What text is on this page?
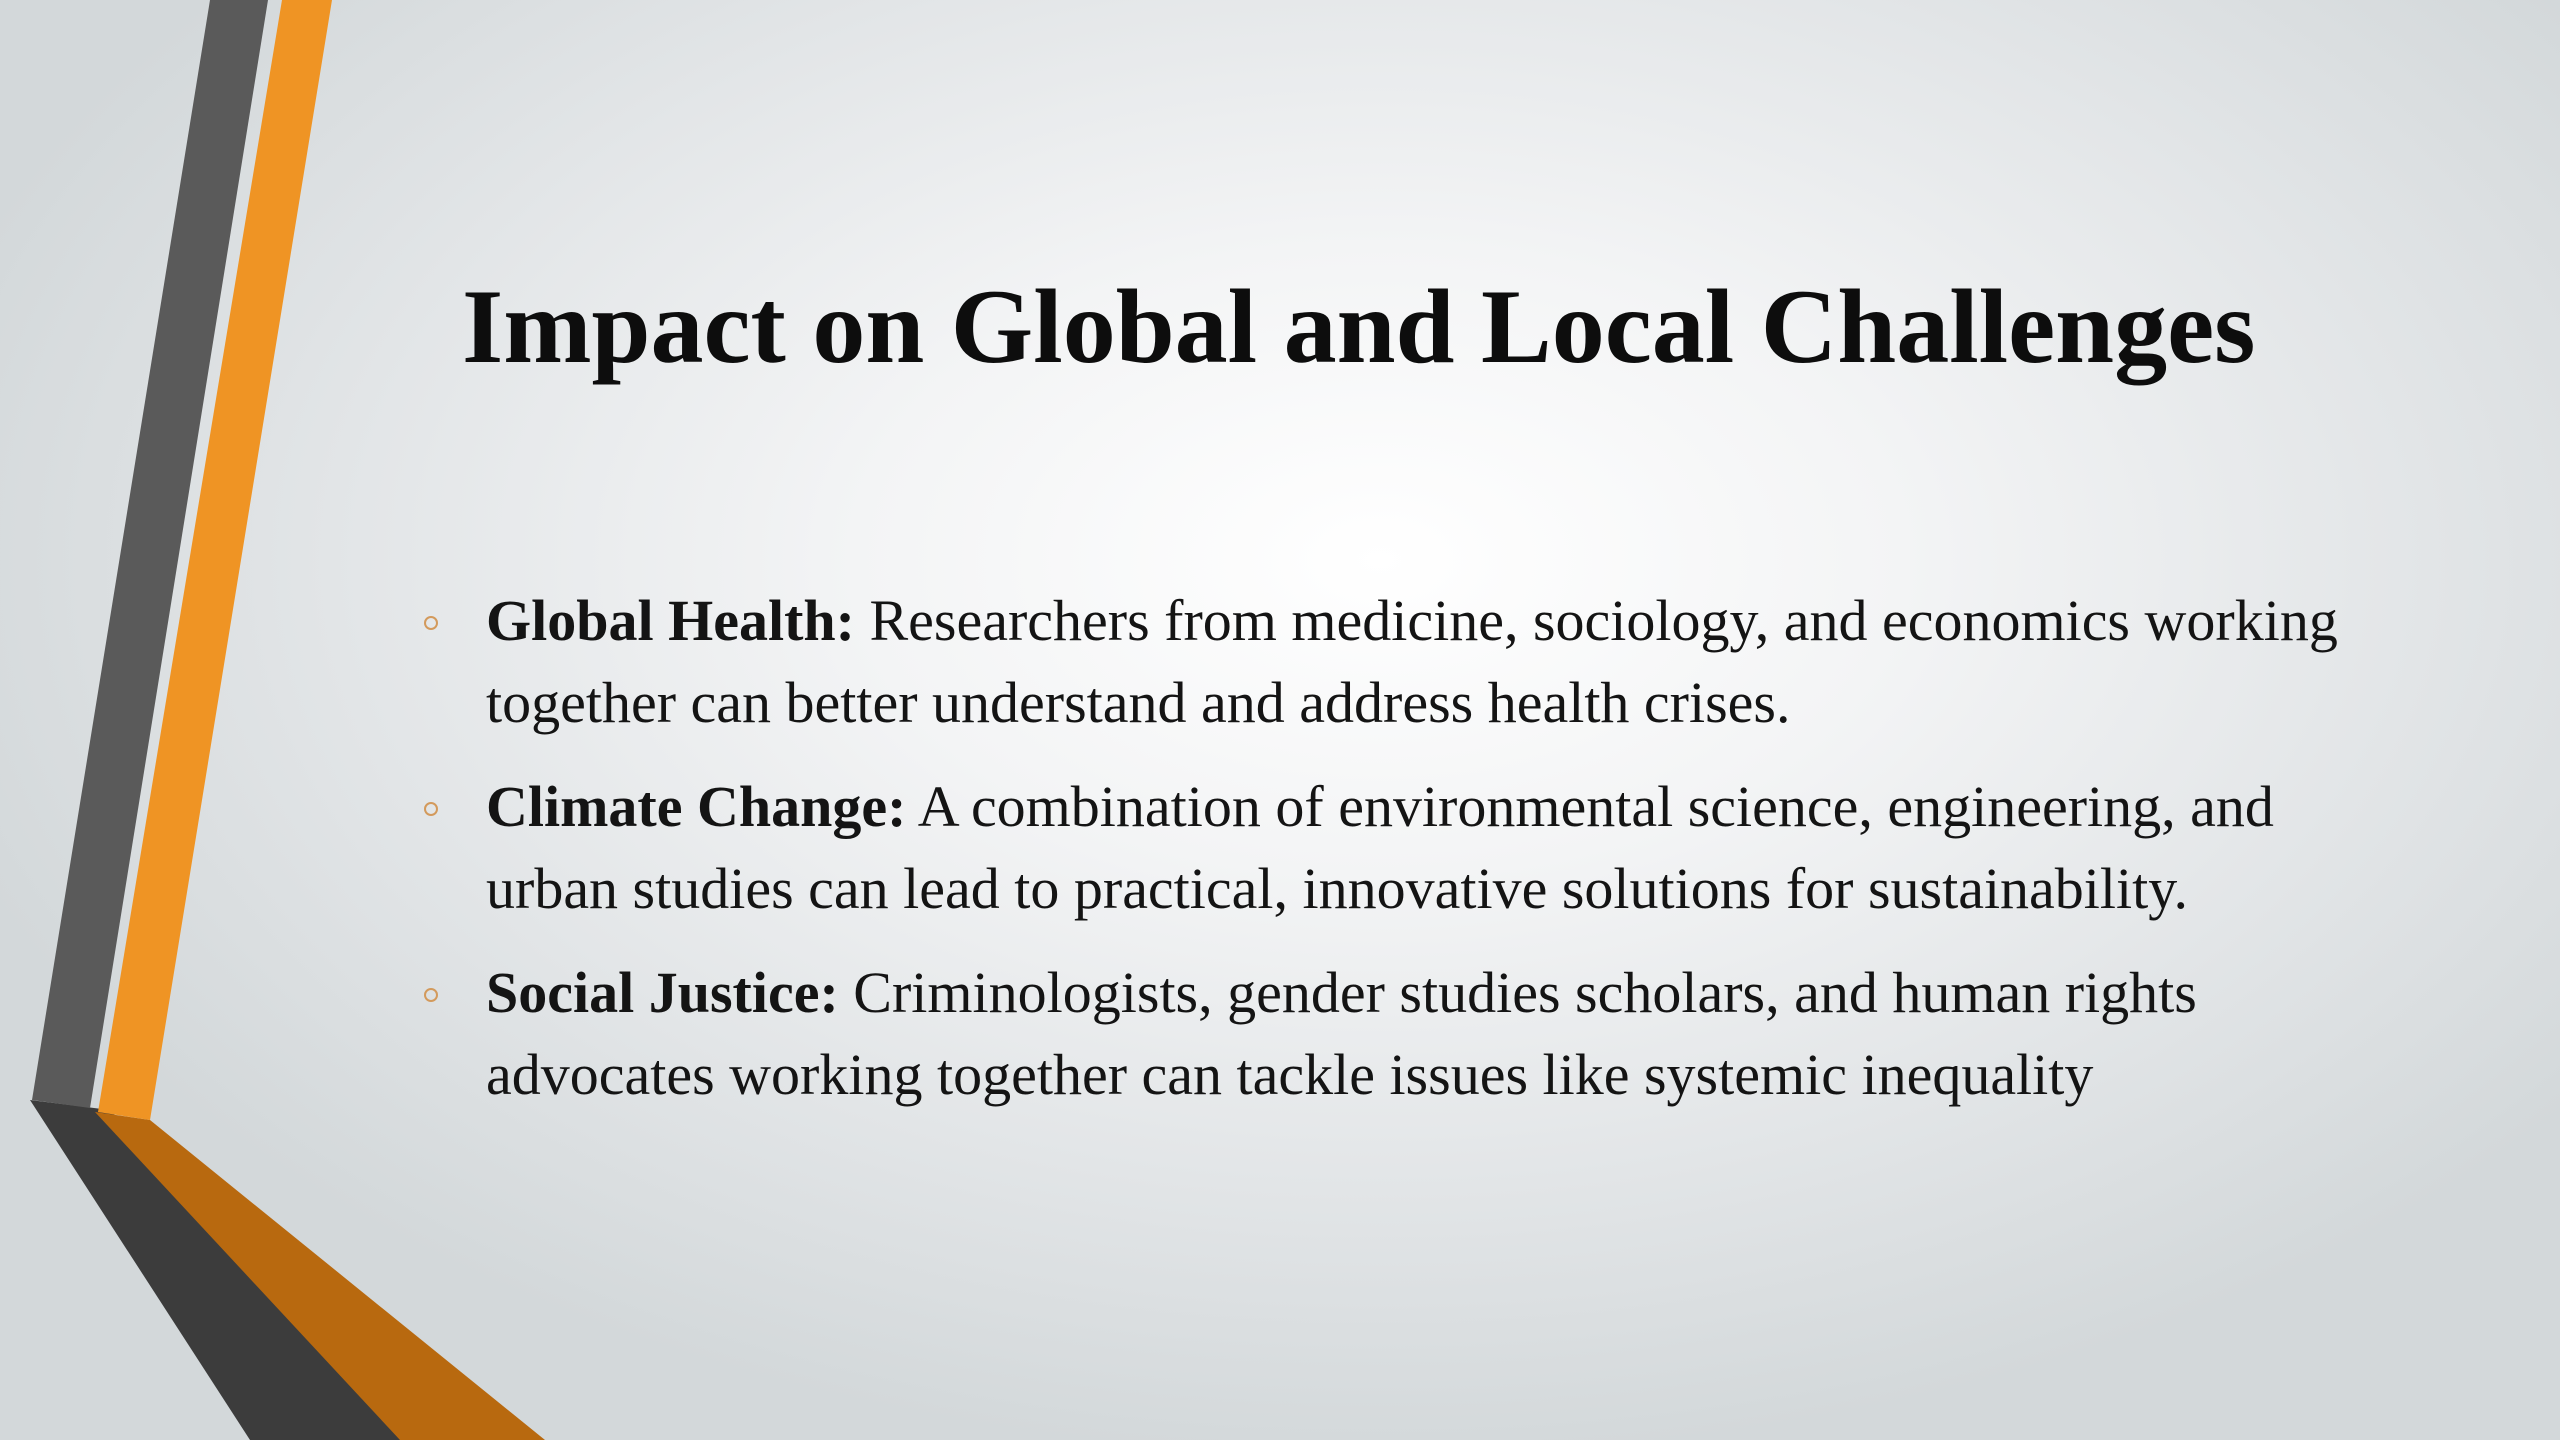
Impact on Global and Local Challenges
Global Health: Researchers from medicine, sociology, and economics working together can better understand and address health crises.
Climate Change: A combination of environmental science, engineering, and urban studies can lead to practical, innovative solutions for sustainability.
Social Justice: Criminologists, gender studies scholars, and human rights advocates working together can tackle issues like systemic inequality
